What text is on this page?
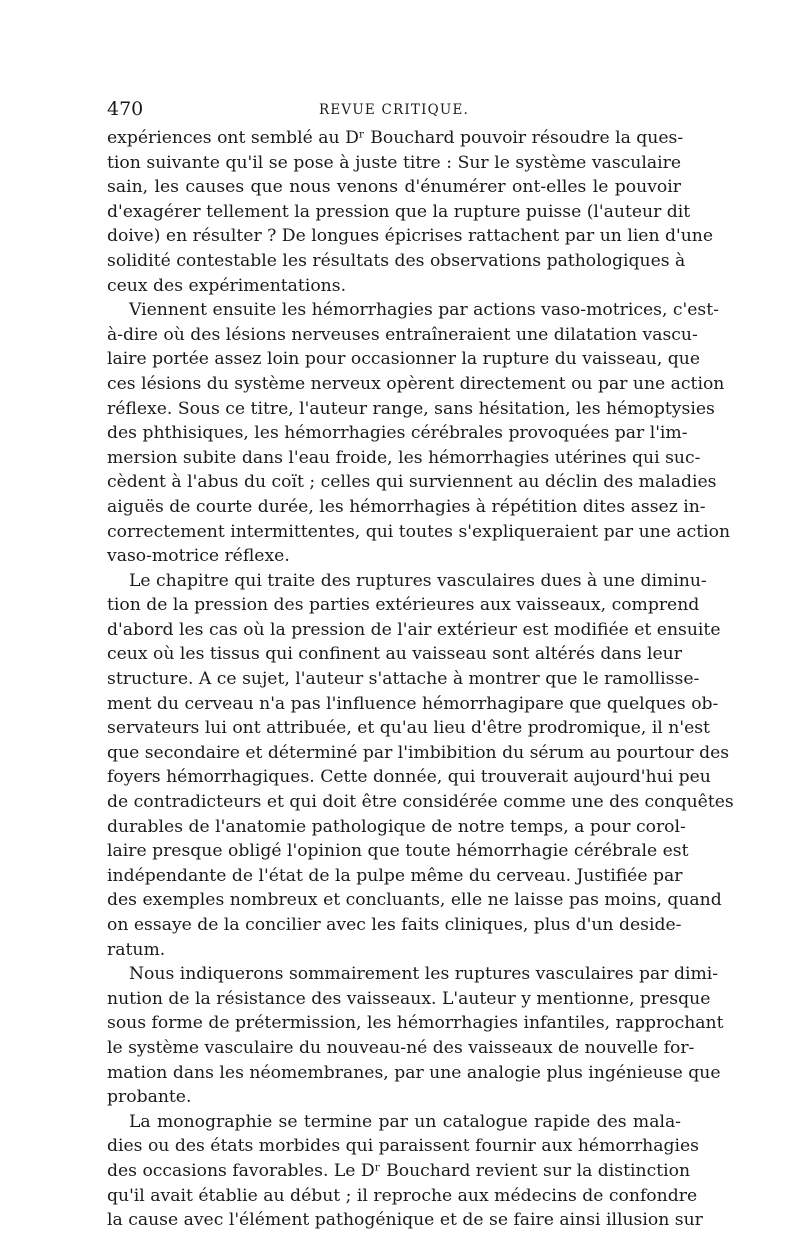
470	REVUE CRITIQUE.
expériences ont semblé au Dʳ Bouchard pouvoir résoudre la ques-
tion suivante qu'il se pose à juste titre : Sur le système vasculaire
sain, les causes que nous venons d'énumérer ont-elles le pouvoir
d'exagérer tellement la pression que la rupture puisse (l'auteur dit
doive) en résulter ? De longues épicrises rattachent par un lien d'une
solidité contestable les résultats des observations pathologiques à
ceux des expérimentations.
Viennent ensuite les hémorrhagies par actions vaso-motrices, c'est-
à-dire où des lésions nerveuses entraîneraient une dilatation vascu-
laire portée assez loin pour occasionner la rupture du vaisseau, que
ces lésions du système nerveux opèrent directement ou par une action
réflexe. Sous ce titre, l'auteur range, sans hésitation, les hémoptysies
des phthisiques, les hémorrhagies cérébrales provoquées par l'im-
mersion subite dans l'eau froide, les hémorrhagies utérines qui suc-
cèdent à l'abus du coït ; celles qui surviennent au déclin des maladies
aiguës de courte durée, les hémorrhagies à répétition dites assez in-
correctement intermittentes, qui toutes s'expliqueraient par une action
vaso-motrice réflexe.
Le chapitre qui traite des ruptures vasculaires dues à une diminu-
tion de la pression des parties extérieures aux vaisseaux, comprend
d'abord les cas où la pression de l'air extérieur est modifiée et ensuite
ceux où les tissus qui confinent au vaisseau sont altérés dans leur
structure. A ce sujet, l'auteur s'attache à montrer que le ramollisse-
ment du cerveau n'a pas l'influence hémorrhagipare que quelques ob-
servateurs lui ont attribuée, et qu'au lieu d'être prodromique, il n'est
que secondaire et déterminé par l'imbibition du sérum au pourtour des
foyers hémorrhagiques. Cette donnée, qui trouverait aujourd'hui peu
de contradicteurs et qui doit être considérée comme une des conquêtes
durables de l'anatomie pathologique de notre temps, a pour corol-
laire presque obligé l'opinion que toute hémorrhagie cérébrale est
indépendante de l'état de la pulpe même du cerveau. Justifiée par
des exemples nombreux et concluants, elle ne laisse pas moins, quand
on essaye de la concilier avec les faits cliniques, plus d'un deside-
ratum.
Nous indiquerons sommairement les ruptures vasculaires par dimi-
nution de la résistance des vaisseaux. L'auteur y mentionne, presque
sous forme de prétermission, les hémorrhagies infantiles, rapprochant
le système vasculaire du nouveau-né des vaisseaux de nouvelle for-
mation dans les néomembranes, par une analogie plus ingénieuse que
probante.
La monographie se termine par un catalogue rapide des mala-
dies ou des états morbides qui paraissent fournir aux hémorrhagies
des occasions favorables. Le Dʳ Bouchard revient sur la distinction
qu'il avait établie au début ; il reproche aux médecins de confondre
la cause avec l'élément pathogénique et de se faire ainsi illusion sur
